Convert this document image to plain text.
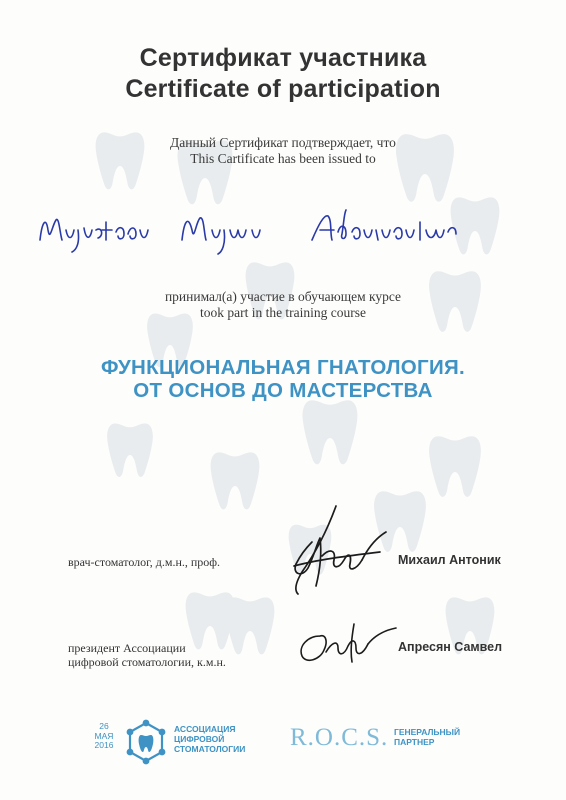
Сертификат участника
Certificate of participation
Данный Сертификат подтверждает, что
This Cartificate has been issued to
принимал(а) участие в обучающем курсе
took part in the training course
ФУНКЦИОНАЛЬНАЯ ГНАТОЛОГИЯ.
ОТ ОСНОВ ДО МАСТЕРСТВА
врач-стоматолог, д.м.н., проф.	Михаил Антоник
президент Ассоциации
цифровой стоматологии, к.м.н.
Апресян Самвел
26
МАЯ
2016
АССОЦИАЦИЯ
ЦИФРОВОЙ
СТОМАТОЛОГИИ R.O.C.S. ГЕНЕРАЛЬНЫЙ
ПАРТНЕР
